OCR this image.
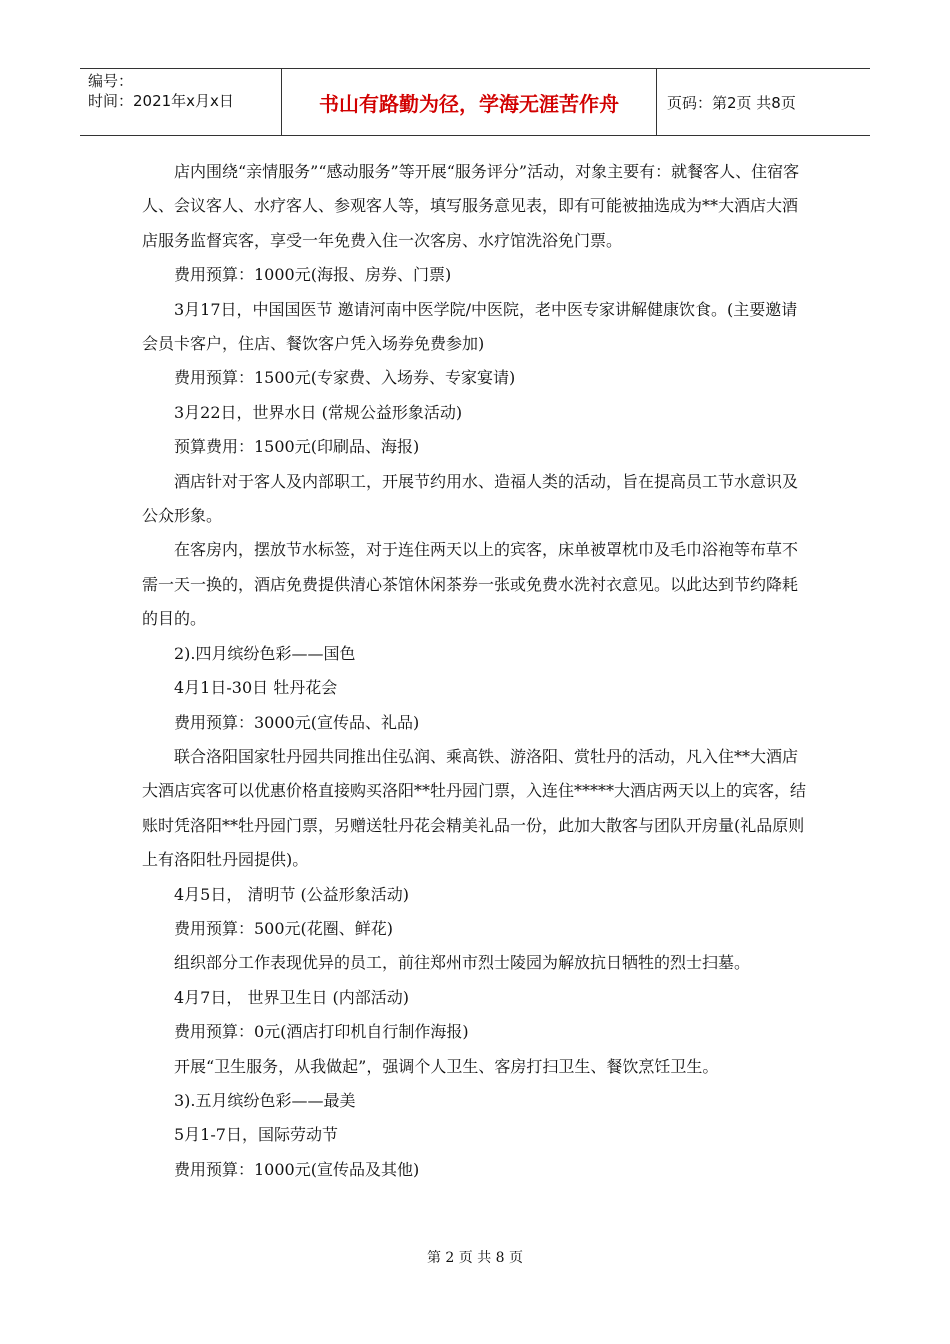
编号：
时间：2021年x月x日	书山有路勤为径，学海无涯苦作舟	页码：第2页 共8页

店内围绕“亲情服务”“感动服务”等开展“服务评分”活动，对象主要有：就餐客人、住宿客人、会议客人、水疗客人、参观客人等，填写服务意见表，即有可能被抽选成为**大酒店大酒店服务监督宾客，享受一年免费入住一次客房、水疗馆洗浴免门票。

费用预算：1000元(海报、房券、门票)

3月17日，中国国医节 邀请河南中医学院/中医院，老中医专家讲解健康饮食。(主要邀请会员卡客户，住店、餐饮客户凭入场券免费参加)

费用预算：1500元(专家费、入场券、专家宴请)

3月22日，世界水日 (常规公益形象活动)

预算费用：1500元(印刷品、海报)

酒店针对于客人及内部职工，开展节约用水、造福人类的活动，旨在提高员工节水意识及公众形象。

在客房内，摆放节水标签，对于连住两天以上的宾客，床单被罩枕巾及毛巾浴袍等布草不需一天一换的，酒店免费提供清心茶馆休闲茶券一张或免费水洗衬衣意见。以此达到节约降耗的目的。

2).四月缤纷色彩——国色

4月1日-30日 牡丹花会

费用预算：3000元(宣传品、礼品)

联合洛阳国家牡丹园共同推出住弘润、乘高铁、游洛阳、赏牡丹的活动，凡入住**大酒店大酒店宾客可以优惠价格直接购买洛阳**牡丹园门票，入连住*****大酒店两天以上的宾客，结账时凭洛阳**牡丹园门票，另赠送牡丹花会精美礼品一份，此加大散客与团队开房量(礼品原则上有洛阳牡丹园提供)。

4月5日， 清明节 (公益形象活动)

费用预算：500元(花圈、鲜花)

组织部分工作表现优异的员工，前往郑州市烈士陵园为解放抗日牺牲的烈士扫墓。

4月7日， 世界卫生日 (内部活动)

费用预算：0元(酒店打印机自行制作海报)

开展“卫生服务，从我做起”，强调个人卫生、客房打扫卫生、餐饮烹饪卫生。

3).五月缤纷色彩——最美

5月1-7日，国际劳动节

费用预算：1000元(宣传品及其他)

第 2 页 共 8 页
